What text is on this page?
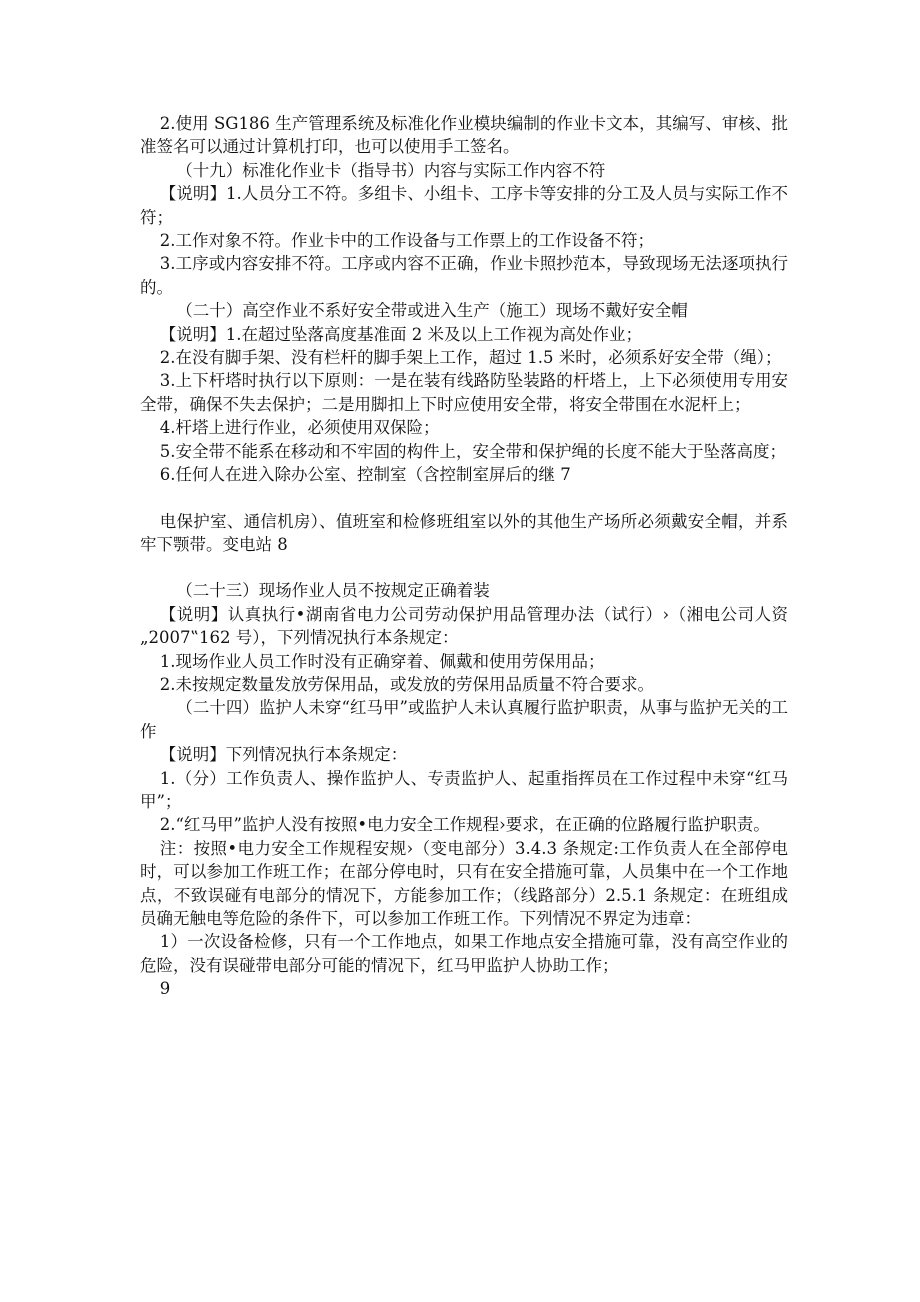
2.使用 SG186 生产管理系统及标准化作业模块编制的作业卡文本，其编写、审核、批准签名可以通过计算机打印，也可以使用手工签名。

（十九）标准化作业卡（指导书）内容与实际工作内容不符

【说明】1.人员分工不符。多组卡、小组卡、工序卡等安排的分工及人员与实际工作不符；

2.工作对象不符。作业卡中的工作设备与工作票上的工作设备不符；

3.工序或内容安排不符。工序或内容不正确，作业卡照抄范本，导致现场无法逐项执行的。

（二十）高空作业不系好安全带或进入生产（施工）现场不戴好安全帽

【说明】1.在超过坠落高度基准面 2 米及以上工作视为高处作业；

2.在没有脚手架、没有栏杆的脚手架上工作，超过 1.5 米时，必须系好安全带（绳）；

3.上下杆塔时执行以下原则：一是在装有线路防坠装路的杆塔上，上下必须使用专用安全带，确保不失去保护；二是用脚扣上下时应使用安全带，将安全带围在水泥杆上；

4.杆塔上进行作业，必须使用双保险；

5.安全带不能系在移动和不牢固的构件上，安全带和保护绳的长度不能大于坠落高度；

6.任何人在进入除办公室、控制室（含控制室屏后的继 7

电保护室、通信机房）、值班室和检修班组室以外的其他生产场所必须戴安全帽，并系牢下颚带。变电站 8

（二十三）现场作业人员不按规定正确着装

【说明】认真执行•湖南省电力公司劳动保护用品管理办法（试行）›（湘电公司人资„2007‟162 号），下列情况执行本条规定：

1.现场作业人员工作时没有正确穿着、佩戴和使用劳保用品；

2.未按规定数量发放劳保用品，或发放的劳保用品质量不符合要求。

（二十四）监护人未穿“红马甲”或监护人未认真履行监护职责，从事与监护无关的工作

【说明】下列情况执行本条规定：

1.（分）工作负责人、操作监护人、专责监护人、起重指挥员在工作过程中未穿“红马甲”；

2.“红马甲”监护人没有按照•电力安全工作规程›要求，在正确的位路履行监护职责。

注：按照•电力安全工作规程安规›（变电部分）3.4.3 条规定:工作负责人在全部停电时，可以参加工作班工作；在部分停电时，只有在安全措施可靠，人员集中在一个工作地点，不致误碰有电部分的情况下，方能参加工作；（线路部分）2.5.1 条规定：在班组成员确无触电等危险的条件下，可以参加工作班工作。下列情况不界定为违章：

1）一次设备检修，只有一个工作地点，如果工作地点安全措施可靠，没有高空作业的危险，没有误碰带电部分可能的情况下，红马甲监护人协助工作；

9
